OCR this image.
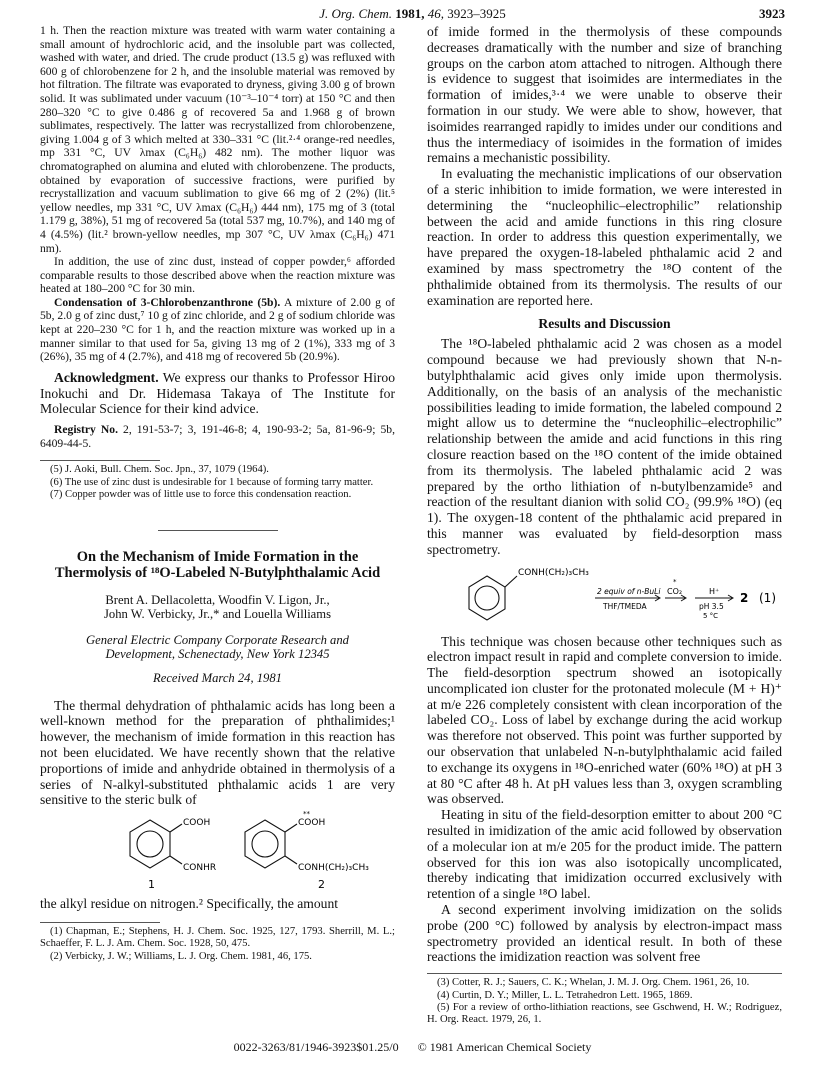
J. Org. Chem. 1981, 46, 3923–3925	3923

1 h. Then the reaction mixture was treated with warm water containing a small amount of hydrochloric acid, and the insoluble part was collected, washed with water, and dried. The crude product (13.5 g) was refluxed with 600 g of chlorobenzene for 2 h, and the insoluble material was removed by hot filtration. The filtrate was evaporated to dryness, giving 3.00 g of brown solid. It was sublimated under vacuum (10⁻³–10⁻⁴ torr) at 150 °C and then 280–320 °C to give 0.486 g of recovered 5a and 1.968 g of brown sublimates, respectively. The latter was recrystallized from chlorobenzene, giving 1.004 g of 3 which melted at 330–331 °C (lit.²·⁴ orange-red needles, mp 331 °C, UV λmax (C₆H₆) 482 nm). The mother liquor was chromatographed on alumina and eluted with chlorobenzene. The products, obtained by evaporation of successive fractions, were purified by recrystallization and vacuum sublimation to give 66 mg of 2 (2%) (lit.⁵ yellow needles, mp 331 °C, UV λmax (C₆H₆) 444 nm), 175 mg of 3 (total 1.179 g, 38%), 51 mg of recovered 5a (total 537 mg, 10.7%), and 140 mg of 4 (4.5%) (lit.² brown-yellow needles, mp 307 °C, UV λmax (C₆H₆) 471 nm).

In addition, the use of zinc dust, instead of copper powder,⁶ afforded comparable results to those described above when the reaction mixture was heated at 180–200 °C for 30 min.

Condensation of 3-Chlorobenzanthrone (5b). A mixture of 2.00 g of 5b, 2.0 g of zinc dust,⁷ 10 g of zinc chloride, and 2 g of sodium chloride was kept at 220–230 °C for 1 h, and the reaction mixture was worked up in a manner similar to that used for 5a, giving 13 mg of 2 (1%), 333 mg of 3 (26%), 35 mg of 4 (2.7%), and 418 mg of recovered 5b (20.9%).

Acknowledgment. We express our thanks to Professor Hiroo Inokuchi and Dr. Hidemasa Takaya of The Institute for Molecular Science for their kind advice.

Registry No. 2, 191-53-7; 3, 191-46-8; 4, 190-93-2; 5a, 81-96-9; 5b, 6409-44-5.

(5) J. Aoki, Bull. Chem. Soc. Jpn., 37, 1079 (1964).

(6) The use of zinc dust is undesirable for 1 because of forming tarry matter.

(7) Copper powder was of little use to force this condensation reaction.

On the Mechanism of Imide Formation in the Thermolysis of ¹⁸O-Labeled N-Butylphthalamic Acid
Brent A. Dellacoletta, Woodfin V. Ligon, Jr.,
John W. Verbicky, Jr.,* and Louella Williams
General Electric Company Corporate Research and
Development, Schenectady, New York 12345
Received March 24, 1981

The thermal dehydration of phthalamic acids has long been a well-known method for the preparation of phthalimides;¹ however, the mechanism of imide formation in this reaction has not been elucidated. We have recently shown that the relative proportions of imide and anhydride obtained in thermolysis of a series of N-alkyl-substituted phthalamic acids 1 are very sensitive to the steric bulk of

COOH
CONHR
1
**
COOH
CONH(CH₂)₃CH₃
2

the alkyl residue on nitrogen.² Specifically, the amount

(1) Chapman, E.; Stephens, H. J. Chem. Soc. 1925, 127, 1793. Sherrill, M. L.; Schaeffer, F. L. J. Am. Chem. Soc. 1928, 50, 475.

(2) Verbicky, J. W.; Williams, L. J. Org. Chem. 1981, 46, 175.

of imide formed in the thermolysis of these compounds decreases dramatically with the number and size of branching groups on the carbon atom attached to nitrogen. Although there is evidence to suggest that isoimides are intermediates in the formation of imides,³·⁴ we were unable to observe their formation in our study. We were able to show, however, that isoimides rearranged rapidly to imides under our conditions and thus the intermediacy of isoimides in the formation of imides remains a mechanistic possibility.

In evaluating the mechanistic implications of our observation of a steric inhibition to imide formation, we were interested in determining the “nucleophilic–electrophilic” relationship between the acid and amide functions in this ring closure reaction. In order to address this question experimentally, we have prepared the oxygen-18-labeled phthalamic acid 2 and examined by mass spectrometry the ¹⁸O content of the phthalimide obtained from its thermolysis. The results of our examination are reported here.

Results and Discussion

The ¹⁸O-labeled phthalamic acid 2 was chosen as a model compound because we had previously shown that N-n-butylphthalamic acid gives only imide upon thermolysis. Additionally, on the basis of an analysis of the mechanistic possibilities leading to imide formation, the labeled compound 2 might allow us to determine the “nucleophilic–electrophilic” relationship between the amide and acid functions in this ring closure reaction based on the ¹⁸O content of the imide obtained from its thermolysis. The labeled phthalamic acid 2 was prepared by the ortho lithiation of n-butylbenzamide⁵ and reaction of the resultant dianion with solid CO₂ (99.9% ¹⁸O) (eq 1). The oxygen-18 content of the phthalamic acid prepared in this manner was evaluated by field-desorption mass spectrometry.

CONH(CH₂)₃CH₃
2 equiv of n-BuLi
THF/TMEDA
*
CO₂	H⁺
pH 3.5
5 °C
2 (1)

This technique was chosen because other techniques such as electron impact result in rapid and complete conversion to imide. The field-desorption spectrum showed an isotopically uncomplicated ion cluster for the protonated molecule (M + H)⁺ at m/e 226 completely consistent with clean incorporation of the labeled CO₂. Loss of label by exchange during the acid workup was therefore not observed. This point was further supported by our observation that unlabeled N-n-butylphthalamic acid failed to exchange its oxygens in ¹⁸O-enriched water (60% ¹⁸O) at pH 3 at 80 °C after 48 h. At pH values less than 3, oxygen scrambling was observed.

Heating in situ of the field-desorption emitter to about 200 °C resulted in imidization of the amic acid followed by observation of a molecular ion at m/e 205 for the product imide. The pattern observed for this ion was also isotopically uncomplicated, thereby indicating that imidization occurred exclusively with retention of a single ¹⁸O label.

A second experiment involving imidization on the solids probe (200 °C) followed by analysis by electron-impact mass spectrometry provided an identical result. In both of these reactions the imidization reaction was solvent free

(3) Cotter, R. J.; Sauers, C. K.; Whelan, J. M. J. Org. Chem. 1961, 26, 10.

(4) Curtin, D. Y.; Miller, L. L. Tetrahedron Lett. 1965, 1869.

(5) For a review of ortho-lithiation reactions, see Gschwend, H. W.; Rodriguez, H. Org. React. 1979, 26, 1.

0022-3263/81/1946-3923$01.25/0 © 1981 American Chemical Society
